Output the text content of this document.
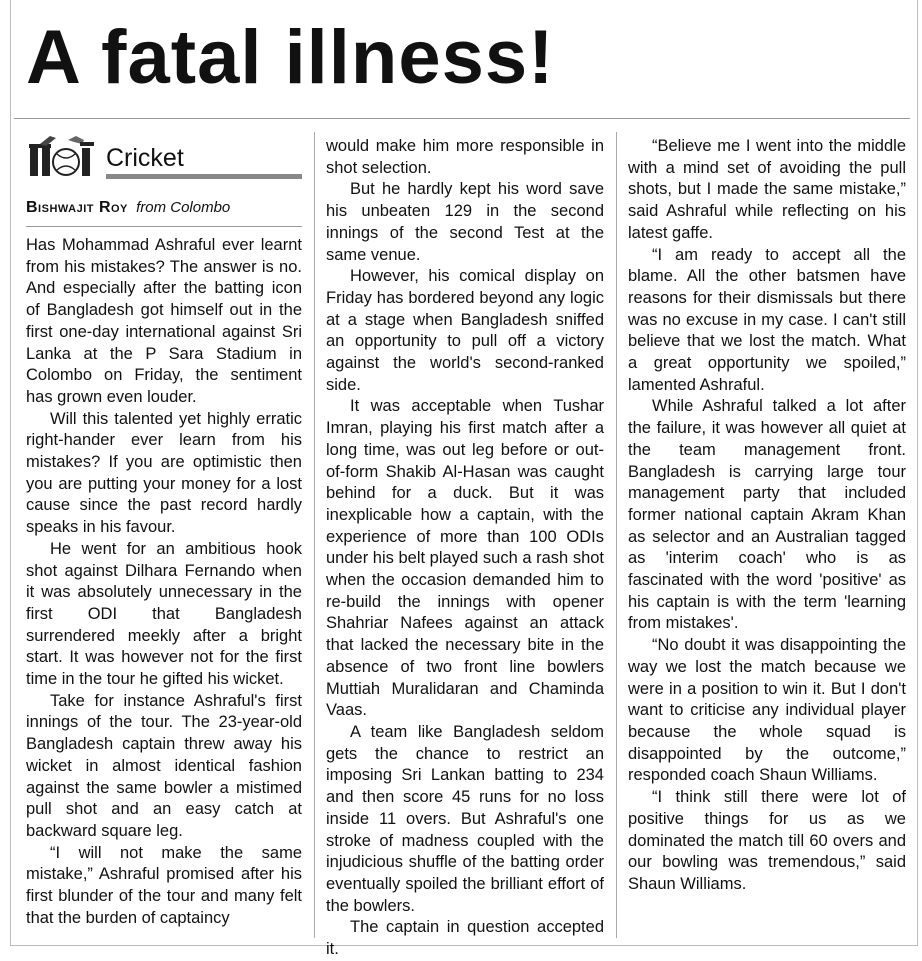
A fatal illness!
Cricket
Bishwajit Roy from Colombo

Has Mohammad Ashraful ever learnt from his mistakes? The answer is no. And especially after the batting icon of Bangladesh got himself out in the first one-day international against Sri Lanka at the P Sara Stadium in Colombo on Friday, the sentiment has grown even louder.

Will this talented yet highly erratic right-hander ever learn from his mistakes? If you are optimistic then you are putting your money for a lost cause since the past record hardly speaks in his favour.

He went for an ambitious hook shot against Dilhara Fernando when it was absolutely unnecessary in the first ODI that Bangladesh surrendered meekly after a bright start. It was however not for the first time in the tour he gifted his wicket.

Take for instance Ashraful's first innings of the tour. The 23-year-old Bangladesh captain threw away his wicket in almost identical fashion against the same bowler a mistimed pull shot and an easy catch at backward square leg.

“I will not make the same mistake,” Ashraful promised after his first blunder of the tour and many felt that the burden of captaincy

would make him more responsible in shot selection.

But he hardly kept his word save his unbeaten 129 in the second innings of the second Test at the same venue.

However, his comical display on Friday has bordered beyond any logic at a stage when Bangladesh sniffed an opportunity to pull off a victory against the world's second-ranked side.

It was acceptable when Tushar Imran, playing his first match after a long time, was out leg before or out-of-form Shakib Al-Hasan was caught behind for a duck. But it was inexplicable how a captain, with the experience of more than 100 ODIs under his belt played such a rash shot when the occasion demanded him to re-build the innings with opener Shahriar Nafees against an attack that lacked the necessary bite in the absence of two front line bowlers Muttiah Muralidaran and Chaminda Vaas.

A team like Bangladesh seldom gets the chance to restrict an imposing Sri Lankan batting to 234 and then score 45 runs for no loss inside 11 overs. But Ashraful's one stroke of madness coupled with the injudicious shuffle of the batting order eventually spoiled the brilliant effort of the bowlers.

The captain in question accepted it.

“Believe me I went into the middle with a mind set of avoiding the pull shots, but I made the same mistake,” said Ashraful while reflecting on his latest gaffe.

“I am ready to accept all the blame. All the other batsmen have reasons for their dismissals but there was no excuse in my case. I can't still believe that we lost the match. What a great opportunity we spoiled,” lamented Ashraful.

While Ashraful talked a lot after the failure, it was however all quiet at the team management front. Bangladesh is carrying large tour management party that included former national captain Akram Khan as selector and an Australian tagged as 'interim coach' who is as fascinated with the word 'positive' as his captain is with the term 'learning from mistakes'.

“No doubt it was disappointing the way we lost the match because we were in a position to win it. But I don't want to criticise any individual player because the whole squad is disappointed by the outcome,” responded coach Shaun Williams.

“I think still there were lot of positive things for us as we dominated the match till 60 overs and our bowling was tremendous,” said Shaun Williams.
